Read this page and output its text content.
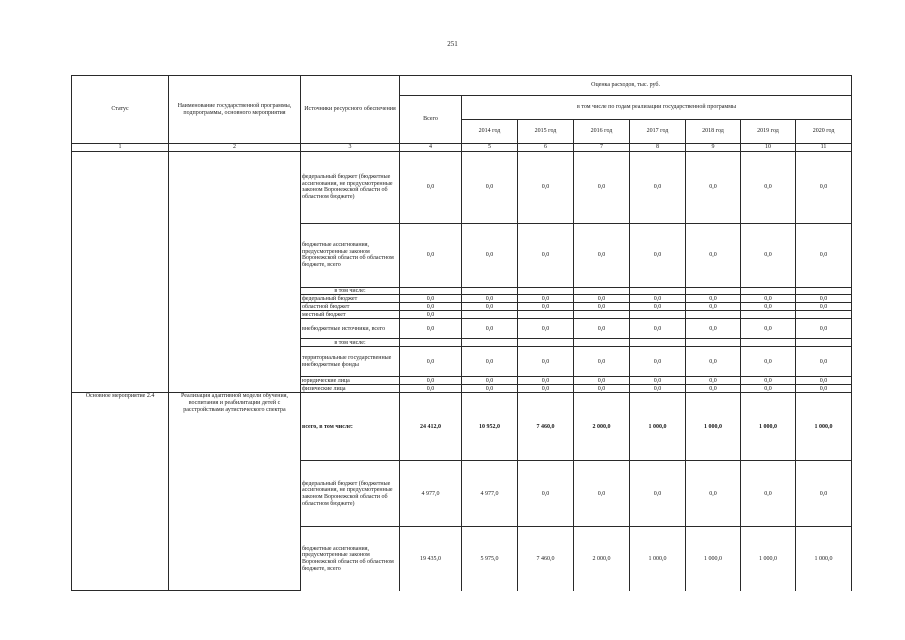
251
Статус	Наименование государственной программы, подпрограммы, основного мероприятия	Источники ресурсного обеспечения	Оценка расходов, тыс. руб.							
			Всего	в том числе по годам реализации государственной программы						
				2014 год	2015 год	2016 год	2017 год	2018 год	2019 год	2020 год
1	2	3	4	5	6	7	8	9	10	11
		федеральный бюджет (бюджетные ассигнования, не предусмотренные законом Воронежской области об областном бюджете)	0,0	0,0	0,0	0,0	0,0	0,0	0,0	0,0
		бюджетные ассигнования, предусмотренные законом Воронежской области об областном бюджете, всего	0,0	0,0	0,0	0,0	0,0	0,0	0,0	0,0
		в том числе:								
		федеральный бюджет	0,0	0,0	0,0	0,0	0,0	0,0	0,0	0,0
		областной бюджет	0,0	0,0	0,0	0,0	0,0	0,0	0,0	0,0
		местный бюджет	0,0							
		внебюджетные источники, всего	0,0	0,0	0,0	0,0	0,0	0,0	0,0	0,0
		в том числе:								
		территориальные государственные внебюджетные фонды	0,0	0,0	0,0	0,0	0,0	0,0	0,0	0,0
		юридические лица	0,0	0,0	0,0	0,0	0,0	0,0	0,0	0,0
		физические лица	0,0	0,0	0,0	0,0	0,0	0,0	0,0	0,0
Основное мероприятие 2.4	Реализация адаптивной модели обучения, воспитания и реабилитации детей с расстройствами аутистического спектра	всего, в том числе:	24 412,0	10 952,0	7 460,0	2 000,0	1 000,0	1 000,0	1 000,0	1 000,0
		федеральный бюджет (бюджетные ассигнования, не предусмотренные законом Воронежской области об областном бюджете)	4 977,0	4 977,0	0,0	0,0	0,0	0,0	0,0	0,0
		бюджетные ассигнования, предусмотренные законом Воронежской области об областном бюджете, всего	19 435,0	5 975,0	7 460,0	2 000,0	1 000,0	1 000,0	1 000,0	1 000,0
